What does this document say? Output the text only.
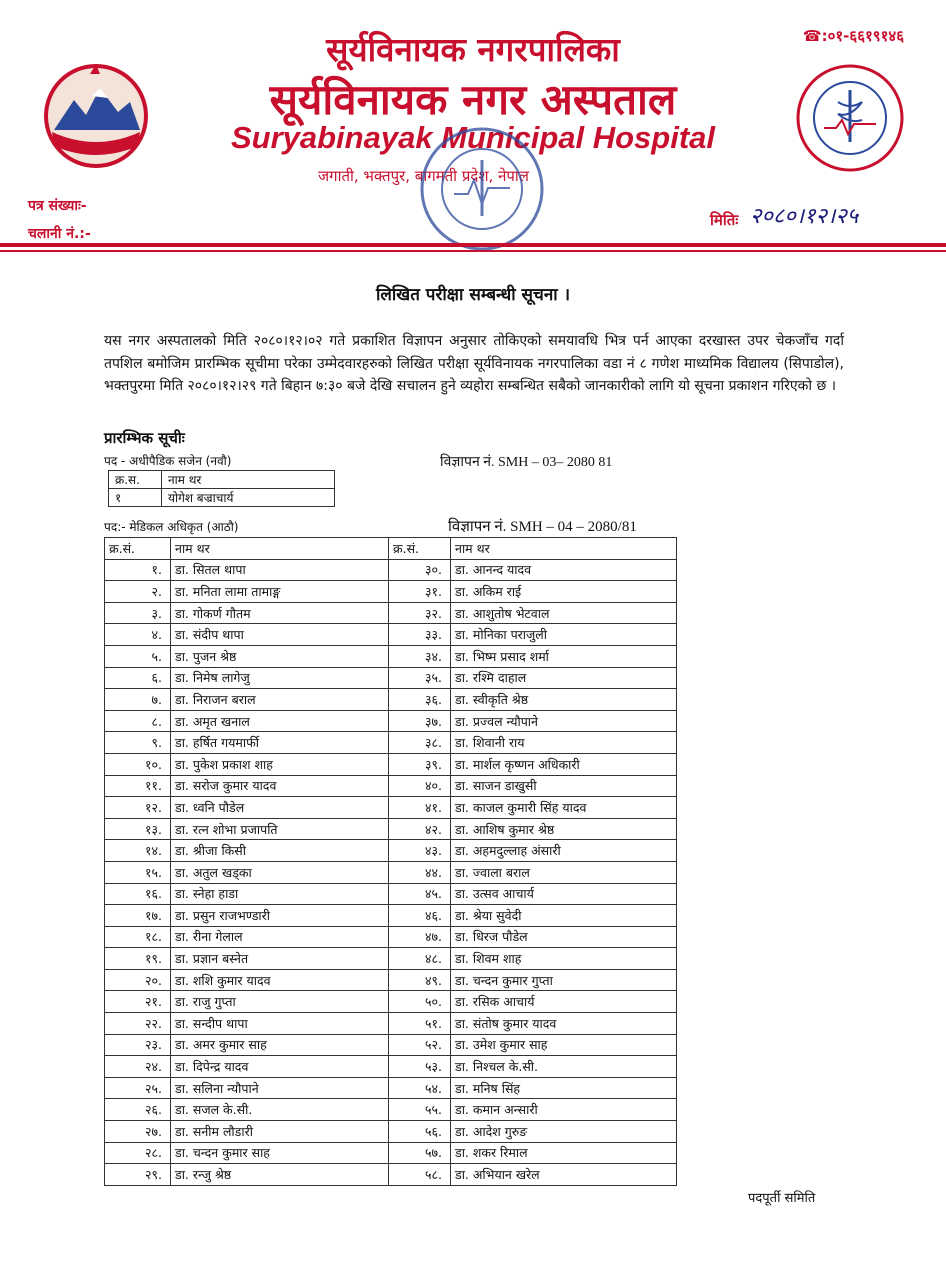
☎:०१-६६१९१४६
सूर्यविनायक नगरपालिका
सूर्यविनायक नगर अस्पताल
Suryabinayak Municipal Hospital
जगाती, भक्तपुर, बागमती प्रदेश, नेपाल
पत्र संख्याः-
चलानी नं.:-
मितिः २०८०।१२।२५
लिखित परीक्षा सम्बन्धी सूचना ।
यस नगर अस्पतालको मिति २०८०।१२।०२ गते प्रकाशित विज्ञापन अनुसार तोकिएको समयावधि भित्र पर्न आएका दरखास्त उपर चेकजाँच गर्दा तपशिल बमोजिम प्रारम्भिक सूचीमा परेका उम्मेदवारहरुको लिखित परीक्षा सूर्यविनायक नगरपालिका वडा नं ८ गणेश माध्यमिक विद्यालय (सिपाडोल), भक्तपुरमा मिति २०८०।१२।२९ गते बिहान ७:३० बजे देखि सचालन हुने व्यहोरा सम्बन्धित सबैको जानकारीको लागि यो सूचना प्रकाशन गरिएको छ ।
प्रारम्भिक सूचीः
पद - अधीपैडिक सजेन (नवौ)	विज्ञापन नं. SMH – 03– 2080 81
क्र.स.	नाम थर
१	योगेश बज्राचार्य
पद:- मेडिकल अधिकृत (आठौ)	विज्ञापन नं. SMH – 04 – 2080/81
क्र.सं.	नाम थर	क्र.सं.	नाम थर
१.	डा. सितल थापा	३०.	डा. आनन्द यादव
२.	डा. मनिता लामा तामाङ्ग	३१.	डा. अकिम राई
३.	डा. गोकर्ण गौतम	३२.	डा. आशुतोष भेटवाल
४.	डा. संदीप थापा	३३.	डा. मोनिका पराजुली
५.	डा. पुजन श्रेष्ठ	३४.	डा. भिष्म प्रसाद शर्मा
६.	डा. निमेष लागेजु	३५.	डा. रश्मि दाहाल
७.	डा. निराजन बराल	३६.	डा. स्वीकृति श्रेष्ठ
८.	डा. अमृत खनाल	३७.	डा. प्रज्वल न्यौपाने
९.	डा. हर्षित गयमार्फी	३८.	डा. शिवानी राय
१०.	डा. पुकेश प्रकाश शाह	३९.	डा. मार्शल कृष्णन अधिकारी
११.	डा. सरोज कुमार यादव	४०.	डा. साजन डाखुसी
१२.	डा. ध्वनि पौडेल	४१.	डा. काजल कुमारी सिंह यादव
१३.	डा. रत्न शोभा प्रजापति	४२.	डा. आशिष कुमार श्रेष्ठ
१४.	डा. श्रीजा किसी	४३.	डा. अहमदुल्लाह अंसारी
१५.	डा. अतुल खड्का	४४.	डा. ज्वाला बराल
१६.	डा. स्नेहा हाडा	४५.	डा. उत्सव आचार्य
१७.	डा. प्रसुन राजभण्डारी	४६.	डा. श्रेया सुवेदी
१८.	डा. रीना गेलाल	४७.	डा. धिरज पौडेल
१९.	डा. प्रज्ञान बस्नेत	४८.	डा. शिवम शाह
२०.	डा. शशि कुमार यादव	४९.	डा. चन्दन कुमार गुप्ता
२१.	डा. राजु गुप्ता	५०.	डा. रसिक आचार्य
२२.	डा. सन्दीप थापा	५१.	डा. संतोष कुमार यादव
२३.	डा. अमर कुमार साह	५२.	डा. उमेश कुमार साह
२४.	डा. दिपेन्द्र यादव	५३.	डा. निश्चल के.सी.
२५.	डा. सलिना न्यौपाने	५४.	डा. मनिष सिंह
२६.	डा. सजल के.सी.	५५.	डा. कमान अन्सारी
२७.	डा. सनीम लौडारी	५६.	डा. आदेश गुरुङ
२८.	डा. चन्दन कुमार साह	५७.	डा. शकर रिमाल
२९.	डा. रन्जु श्रेष्ठ	५८.	डा. अभियान खरेल
पदपूर्ती समिति
